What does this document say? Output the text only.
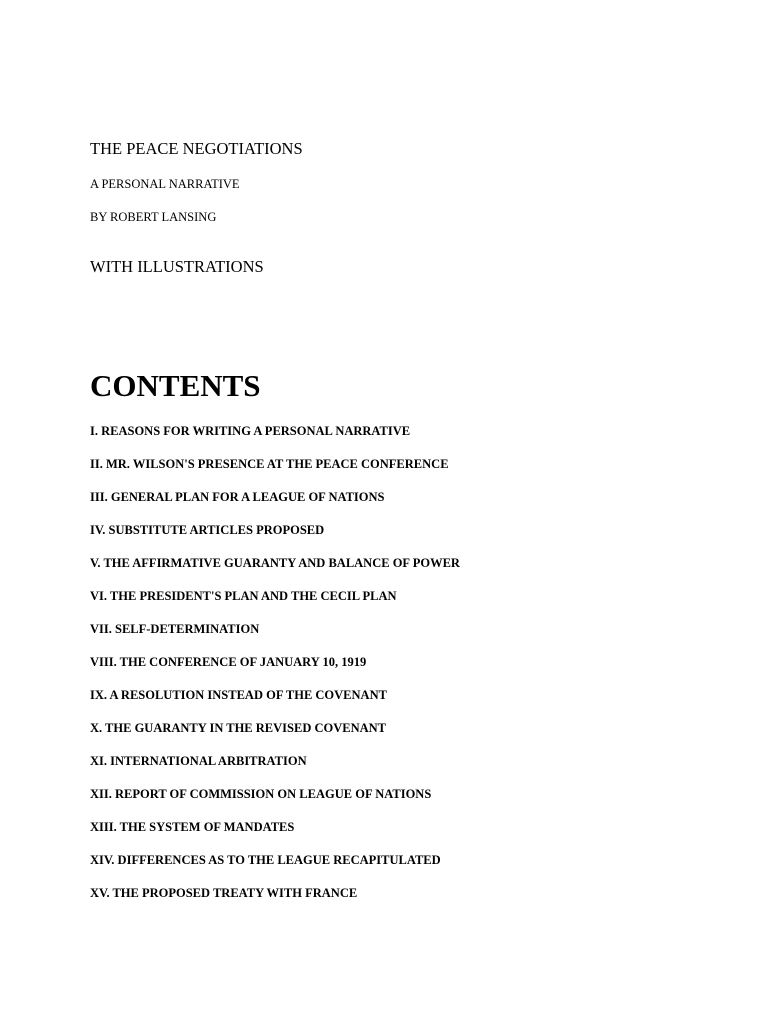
THE PEACE NEGOTIATIONS

A PERSONAL NARRATIVE

BY ROBERT LANSING

WITH ILLUSTRATIONS

CONTENTS
I. REASONS FOR WRITING A PERSONAL NARRATIVE
II. MR. WILSON'S PRESENCE AT THE PEACE CONFERENCE
III. GENERAL PLAN FOR A LEAGUE OF NATIONS
IV. SUBSTITUTE ARTICLES PROPOSED
V. THE AFFIRMATIVE GUARANTY AND BALANCE OF POWER
VI. THE PRESIDENT'S PLAN AND THE CECIL PLAN
VII. SELF-DETERMINATION
VIII. THE CONFERENCE OF JANUARY 10, 1919
IX. A RESOLUTION INSTEAD OF THE COVENANT
X. THE GUARANTY IN THE REVISED COVENANT
XI. INTERNATIONAL ARBITRATION
XII. REPORT OF COMMISSION ON LEAGUE OF NATIONS
XIII. THE SYSTEM OF MANDATES
XIV. DIFFERENCES AS TO THE LEAGUE RECAPITULATED
XV. THE PROPOSED TREATY WITH FRANCE
